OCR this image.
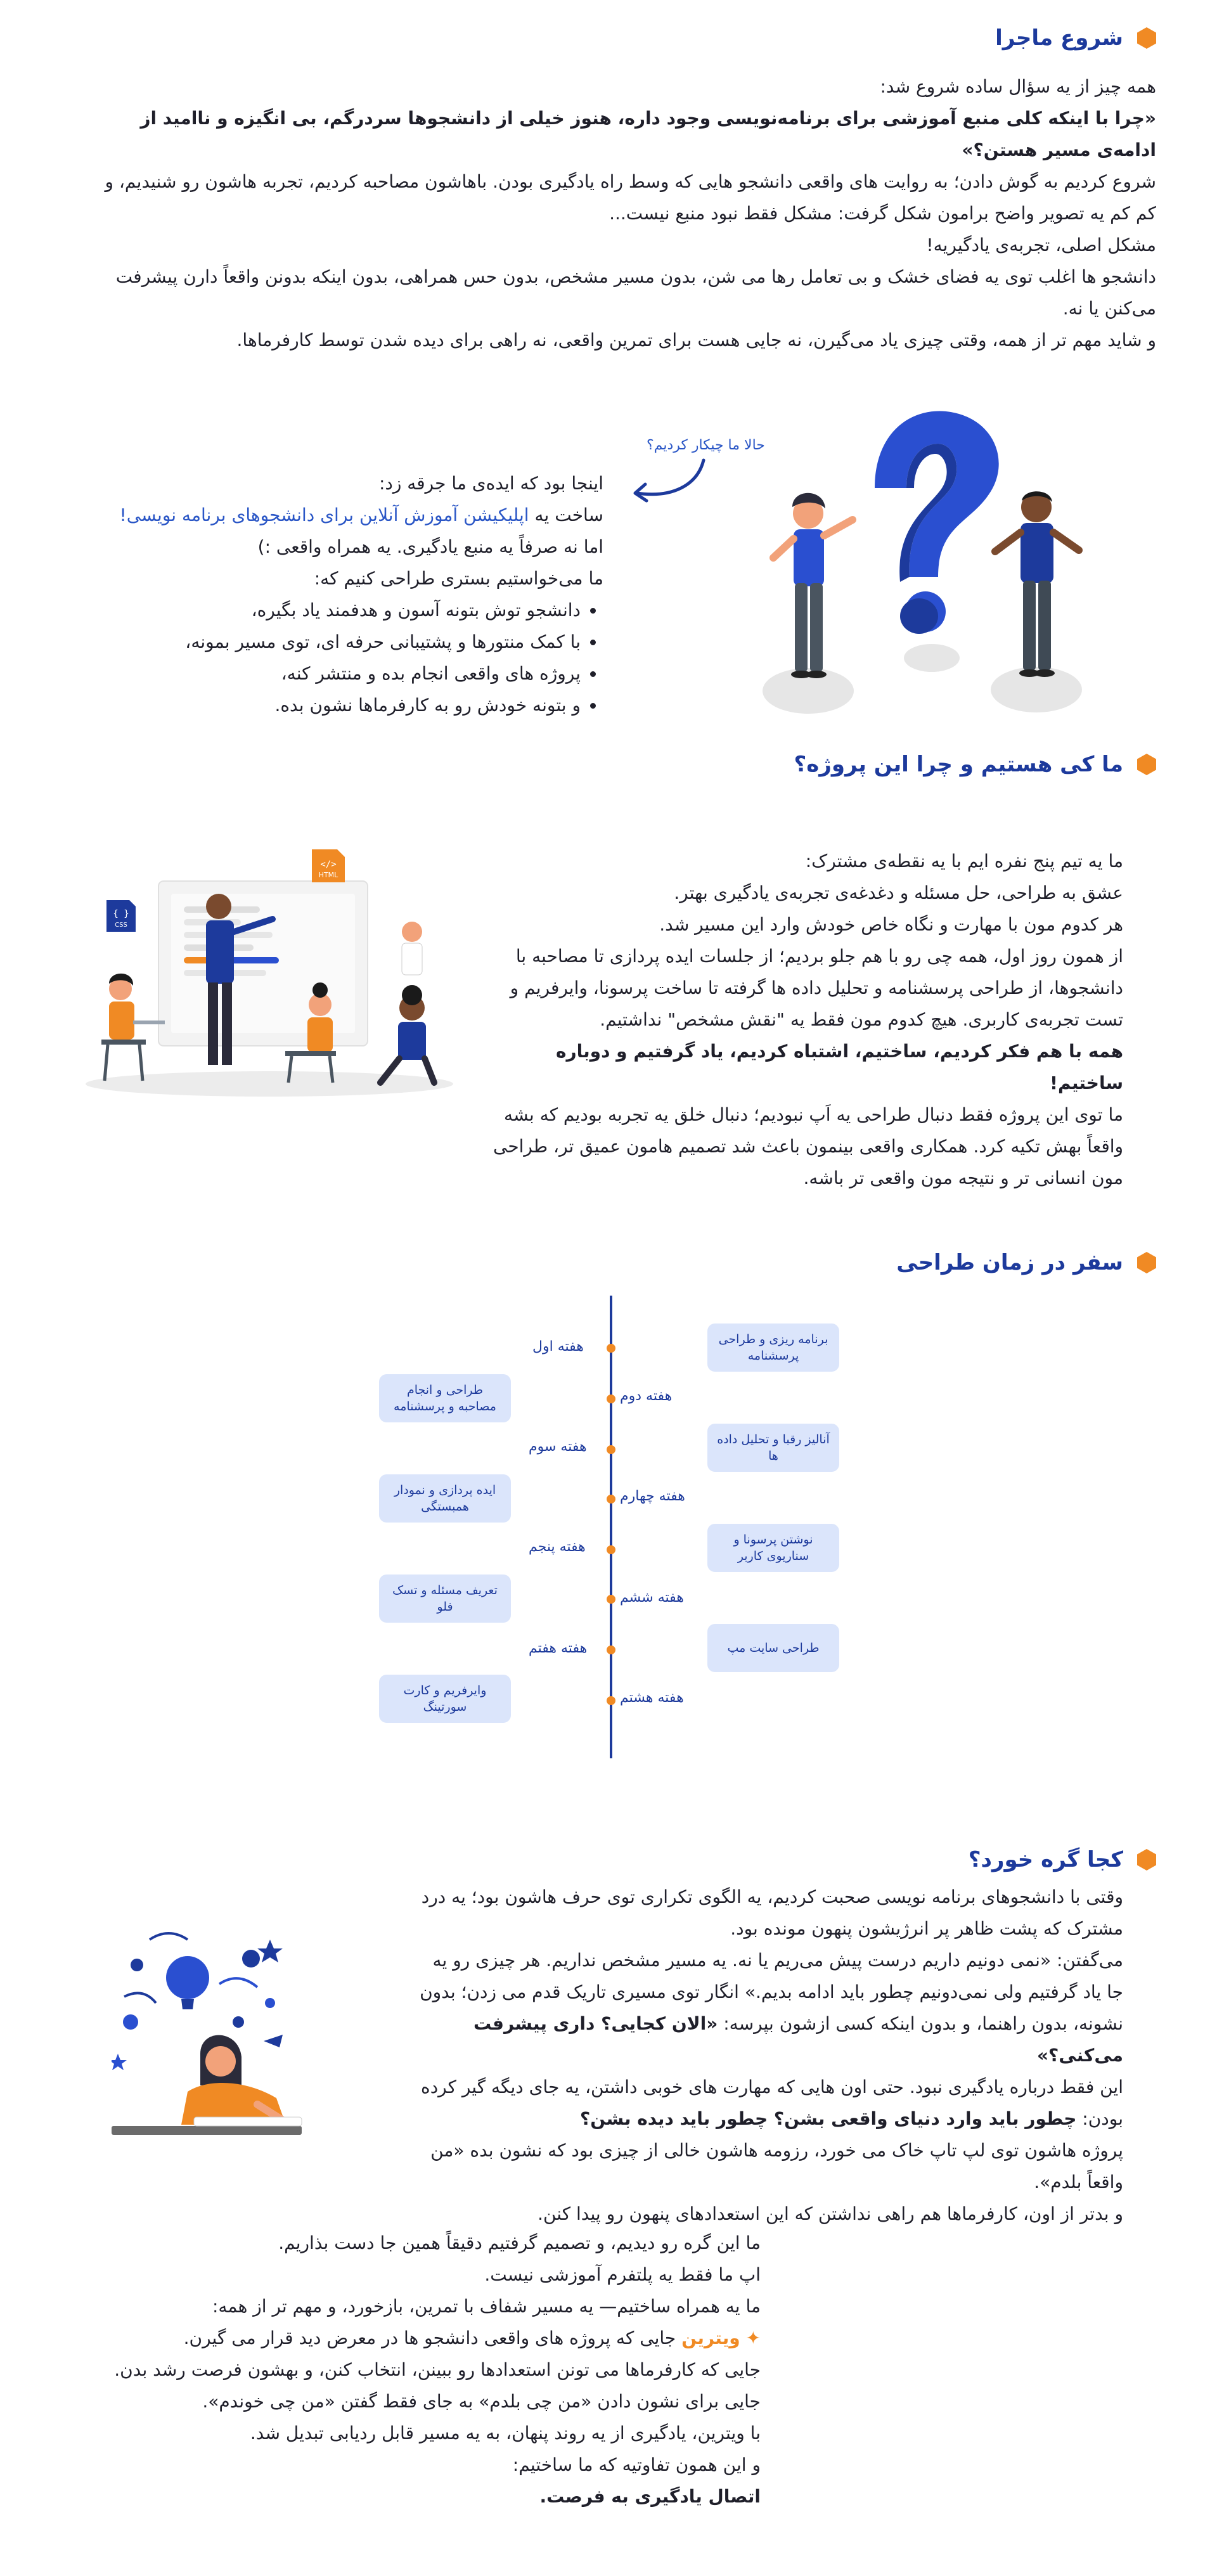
شروع ماجرا
همه چیز از یه سؤال ساده شروع شد:
«چرا با اینکه کلی منبع آموزشی برای برنامه‌نویسی وجود داره، هنوز خیلی از دانشجوها سردرگم، بی انگیزه و ناامید از ادامه‌ی مسیر هستن؟»
شروع کردیم به گوش دادن؛ به روایت های واقعی دانشجو هایی که وسط راه یادگیری بودن. باهاشون مصاحبه کردیم، تجربه هاشون رو شنیدیم، و کم کم یه تصویر واضح برامون شکل گرفت: مشکل فقط نبود منبع نیست...
مشکل اصلی، تجربه‌ی یادگیریه!
دانشجو ها اغلب توی یه فضای خشک و بی تعامل رها می شن، بدون مسیر مشخص، بدون حس همراهی، بدون اینکه بدونن واقعاً دارن پیشرفت می‌کنن یا نه.
و شاید مهم تر از همه، وقتی چیزی یاد می‌گیرن، نه جایی هست برای تمرین واقعی، نه راهی برای دیده شدن توسط کارفرماها.
اینجا بود که ایده‌ی ما جرقه زد:
ساخت یه اپلیکیشن آموزش آنلاین برای دانشجوهای برنامه نویسی!
اما نه صرفاً یه منبع یادگیری. یه همراه واقعی :)
ما می‌خواستیم بستری طراحی کنیم که:
• دانشجو توش بتونه آسون و هدفمند یاد بگیره،
• با کمک منتورها و پشتیبانی حرفه ای، توی مسیر بمونه،
• پروژه های واقعی انجام بده و منتشر کنه،
• و بتونه خودش رو به کارفرماها نشون بده.
حالا ما چیکار کردیم؟
ما کی هستیم و چرا این پروژه؟
ما یه تیم پنج نفره ایم با یه نقطه‌ی مشترک:
عشق به طراحی، حل مسئله و دغدغه‌ی تجربه‌ی یادگیری بهتر.
هر کدوم مون با مهارت و نگاه خاص خودش وارد این مسیر شد.
از همون روز اول، همه چی رو با هم جلو بردیم؛ از جلسات ایده پردازی تا مصاحبه با دانشجوها، از طراحی پرسشنامه و تحلیل داده ها گرفته تا ساخت پرسونا، وایرفریم و تست تجربه‌ی کاربری. هیچ کدوم مون فقط یه "نقش مشخص" نداشتیم.
همه با هم فکر کردیم، ساختیم، اشتباه کردیم، یاد گرفتیم و دوباره ساختیم!
ما توی این پروژه فقط دنبال طراحی یه اَپ نبودیم؛ دنبال خلق یه تجربه بودیم که بشه واقعاً بهش تکیه کرد. همکاری واقعی بینمون باعث شد تصمیم هامون عمیق تر، طراحی مون انسانی تر و نتیجه مون واقعی تر باشه.
HTML
</>
{ }
CSS
سفر در زمان طراحی
هفته اول
هفته دوم
هفته سوم
هفته چهارم
هفته پنجم
هفته ششم
هفته هفتم
هفته هشتم
برنامه ریزی و طراحی پرسشنامه
طراحی و انجام مصاحبه و پرسشنامه
آنالیز رقبا و تحلیل داده ها
ایده پردازی و نمودار همبستگی
نوشتن پرسونا و سناریوی کاربر
تعریف مسئله و تسک فلو
طراحی سایت مپ
وایرفریم و کارت سورتینگ
کجا گره خورد؟
وقتی با دانشجوهای برنامه نویسی صحبت کردیم، یه الگوی تکراری توی حرف هاشون بود؛ یه درد مشترک که پشت ظاهر پر انرژیشون پنهون مونده بود.
می‌گفتن: «نمی دونیم داریم درست پیش می‌ریم یا نه. یه مسیر مشخص نداریم. هر چیزی رو یه جا یاد گرفتیم ولی نمی‌دونیم چطور باید ادامه بدیم.» انگار توی مسیری تاریک قدم می زدن؛ بدون نشونه، بدون راهنما، و بدون اینکه کسی ازشون بپرسه: «الان کجایی؟ داری پیشرفت می‌کنی؟»
این فقط درباره یادگیری نبود. حتی اون هایی که مهارت های خوبی داشتن، یه جای دیگه گیر کرده بودن: چطور باید وارد دنیای واقعی بشن؟ چطور باید دیده بشن؟
پروژه هاشون توی لپ تاپ خاک می خورد، رزومه هاشون خالی از چیزی بود که نشون بده «من واقعاً بلدم».
و بدتر از اون، کارفرماها هم راهی نداشتن که این استعدادهای پنهون رو پیدا کنن.
ما این گره رو دیدیم، و تصمیم گرفتیم دقیقاً همین جا دست بذاریم.
اپ ما فقط یه پلتفرم آموزشی نیست.
ما یه همراه ساختیم— یه مسیر شفاف با تمرین، بازخورد، و مهم تر از همه:
✦ ویترین جایی که پروژه های واقعی دانشجو ها در معرض دید قرار می گیرن.
جایی که کارفرماها می تونن استعدادها رو ببینن، انتخاب کنن، و بهشون فرصت رشد بدن.
جایی برای نشون دادن «من چی بلدم» به جای فقط گفتن «من چی خوندم».
با ویترین، یادگیری از یه روند پنهان، به یه مسیر قابل ردیابی تبدیل شد.
و این همون تفاوتیه که ما ساختیم:
اتصال یادگیری به فرصت.
